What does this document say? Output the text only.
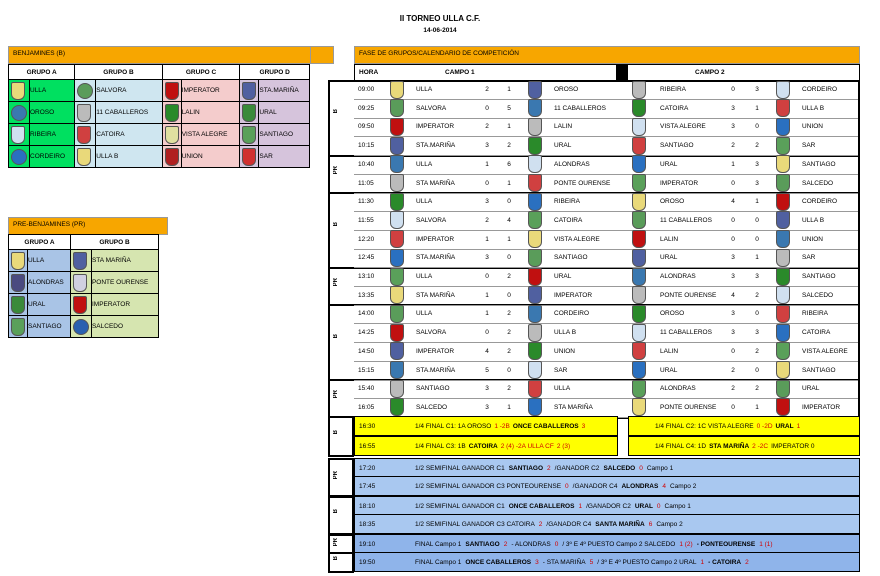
II TORNEO ULLA C.F.
14-06-2014
BENJAMINES (B)
GRUPO A		GRUPO B		GRUPO C		GRUPO D	
	ULLA		SALVORA		IMPERATOR		STA.MARIÑA
	OROSO		11 CABALLEROS		LALIN		URAL
	RIBEIRA		CATOIRA		VISTA ALEGRE		SANTIAGO
	CORDEIRO		ULLA B		UNION		SAR
PRE-BENJAMINES (PR)
GRUPO A		GRUPO B	
	ULLA		STA MARIÑA
	ALONDRAS		PONTE OURENSE
	URAL		IMPERATOR
	SANTIAGO		SALCEDO
FASE DE GRUPOS/CALENDARIO DE COMPETICIÓN
HORA	CAMPO 1	CAMPO 2
B
PR
B
PR
B
PR
09:00	ULLA	2	1	OROSO	RIBEIRA	0	3	CORDEIRO
09:25	SALVORA	0	5	11 CABALLEROS	CATOIRA	3	1	ULLA B
09:50	IMPERATOR	2	1	LALIN	VISTA ALEGRE	3	0	UNION
10:15	STA.MARIÑA	3	2	URAL	SANTIAGO	2	2	SAR
10:40	ULLA	1	6	ALONDRAS	URAL	1	3	SANTIAGO
11:05	STA MARIÑA	0	1	PONTE OURENSE	IMPERATOR	0	3	SALCEDO
11:30	ULLA	3	0	RIBEIRA	OROSO	4	1	CORDEIRO
11:55	SALVORA	2	4	CATOIRA	11 CABALLEROS	0	0	ULLA B
12:20	IMPERATOR	1	1	VISTA ALEGRE	LALIN	0	0	UNION
12:45	STA.MARIÑA	3	0	SANTIAGO	URAL	3	1	SAR
13:10	ULLA	0	2	URAL	ALONDRAS	3	3	SANTIAGO
13:35	STA MARIÑA	1	0	IMPERATOR	PONTE OURENSE	4	2	SALCEDO
14:00	ULLA	1	2	CORDEIRO	OROSO	3	0	RIBEIRA
14:25	SALVORA	0	2	ULLA B	11 CABALLEROS	3	3	CATOIRA
14:50	IMPERATOR	4	2	UNION	LALIN	0	2	VISTA ALEGRE
15:15	STA.MARIÑA	5	0	SAR	URAL	2	0	SANTIAGO
15:40	SANTIAGO	3	2	ULLA	ALONDRAS	2	2	URAL
16:05	SALCEDO	3	1	STA MARIÑA	PONTE OURENSE	0	1	IMPERATOR
B
PR
B
PR
B
16:30	1/4 FINAL C1: 1A OROSO 1 -2B ONCE CABALLEROS 3	1/4 FINAL C2: 1C VISTA ALEGRE 0 -2D URAL 1
16:55	1/4 FINAL C3: 1B CATOIRA 2 (4) -2A ULLA CF 2 (3)	1/4 FINAL C4: 1D STA MARIÑA 2 -2C IMPERATOR 0
17:20	1/2 SEMIFINAL GANADOR C1 SANTIAGO 2 /GANADOR C2 SALCEDO 0 Campo 1
17:45	1/2 SEMIFINAL GANADOR C3 PONTEOURENSE 0 /GANADOR C4 ALONDRAS 4 Campo 2
18:10	1/2 SEMIFINAL GANADOR C1 ONCE CABALLEROS 1 /GANADOR C2 URAL 0 Campo 1
18:35	1/2 SEMIFINAL GANADOR C3 CATOIRA 2 /GANADOR C4 SANTA MARIÑA 6 Campo 2
19:10	FINAL Campo 1 SANTIAGO 2 - ALONDRAS 0 / 3º E 4º PUESTO Campo 2 SALCEDO 1 (2) - PONTEOURENSE 1 (1)
19:50	FINAL Campo 1 ONCE CABALLEROS 3 - STA MARIÑA 5 / 3º E 4º PUESTO Campo 2 URAL 1 - CATOIRA 2
